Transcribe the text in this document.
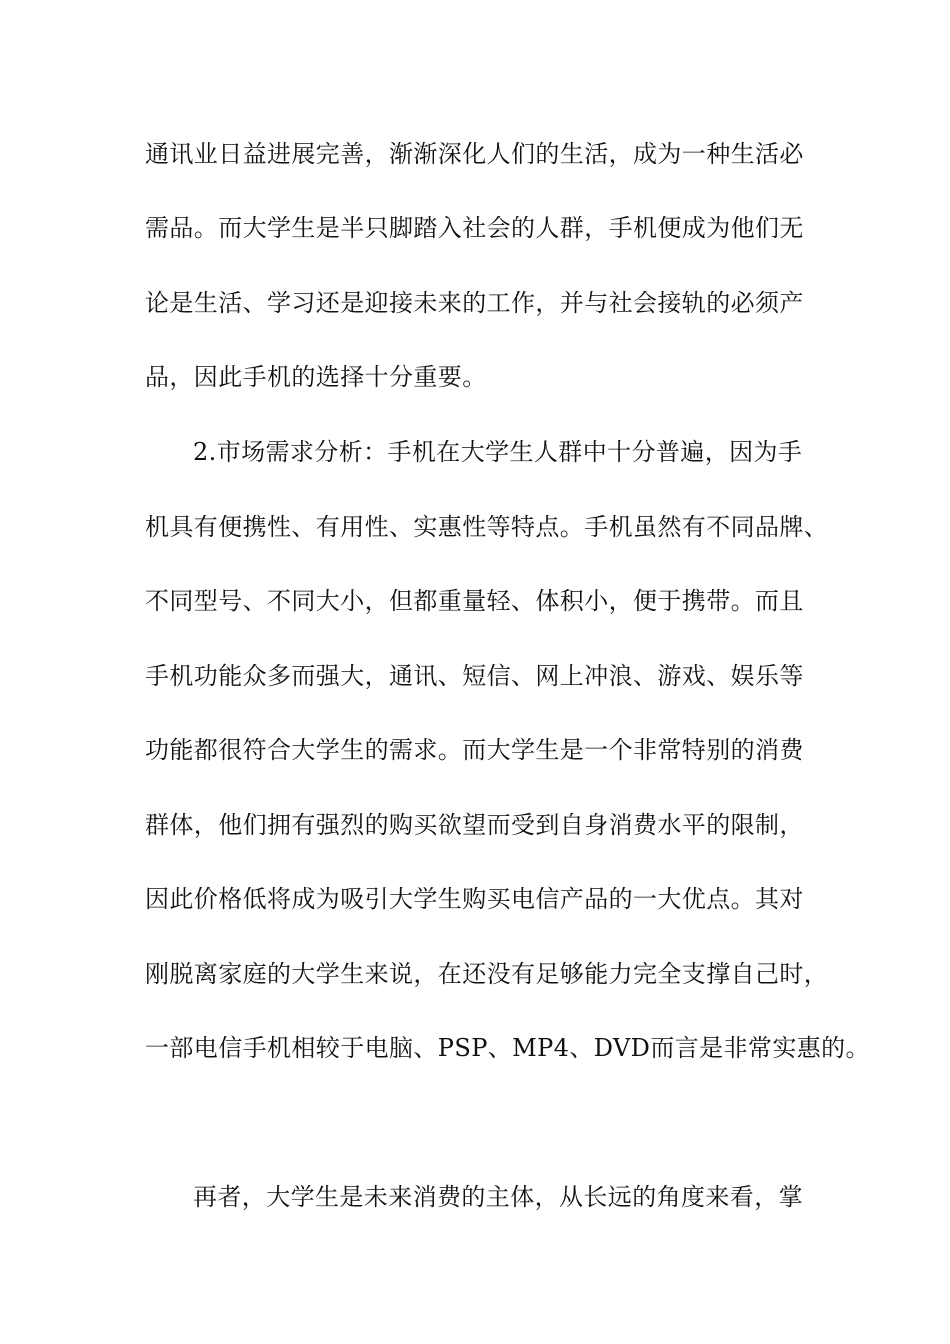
通讯业日益进展完善，渐渐深化人们的生活，成为一种生活必
需品。而大学生是半只脚踏入社会的人群，手机便成为他们无
论是生活、学习还是迎接未来的工作，并与社会接轨的必须产
品，因此手机的选择十分重要。
2.市场需求分析：手机在大学生人群中十分普遍，因为手
机具有便携性、有用性、实惠性等特点。手机虽然有不同品牌、
不同型号、不同大小，但都重量轻、体积小，便于携带。而且
手机功能众多而强大，通讯、短信、网上冲浪、游戏、娱乐等
功能都很符合大学生的需求。而大学生是一个非常特别的消费
群体，他们拥有强烈的购买欲望而受到自身消费水平的限制，
因此价格低将成为吸引大学生购买电信产品的一大优点。其对
刚脱离家庭的大学生来说，在还没有足够能力完全支撑自己时，
一部电信手机相较于电脑、PSP、MP4、DVD而言是非常实惠的。
再者，大学生是未来消费的主体，从长远的角度来看，掌
